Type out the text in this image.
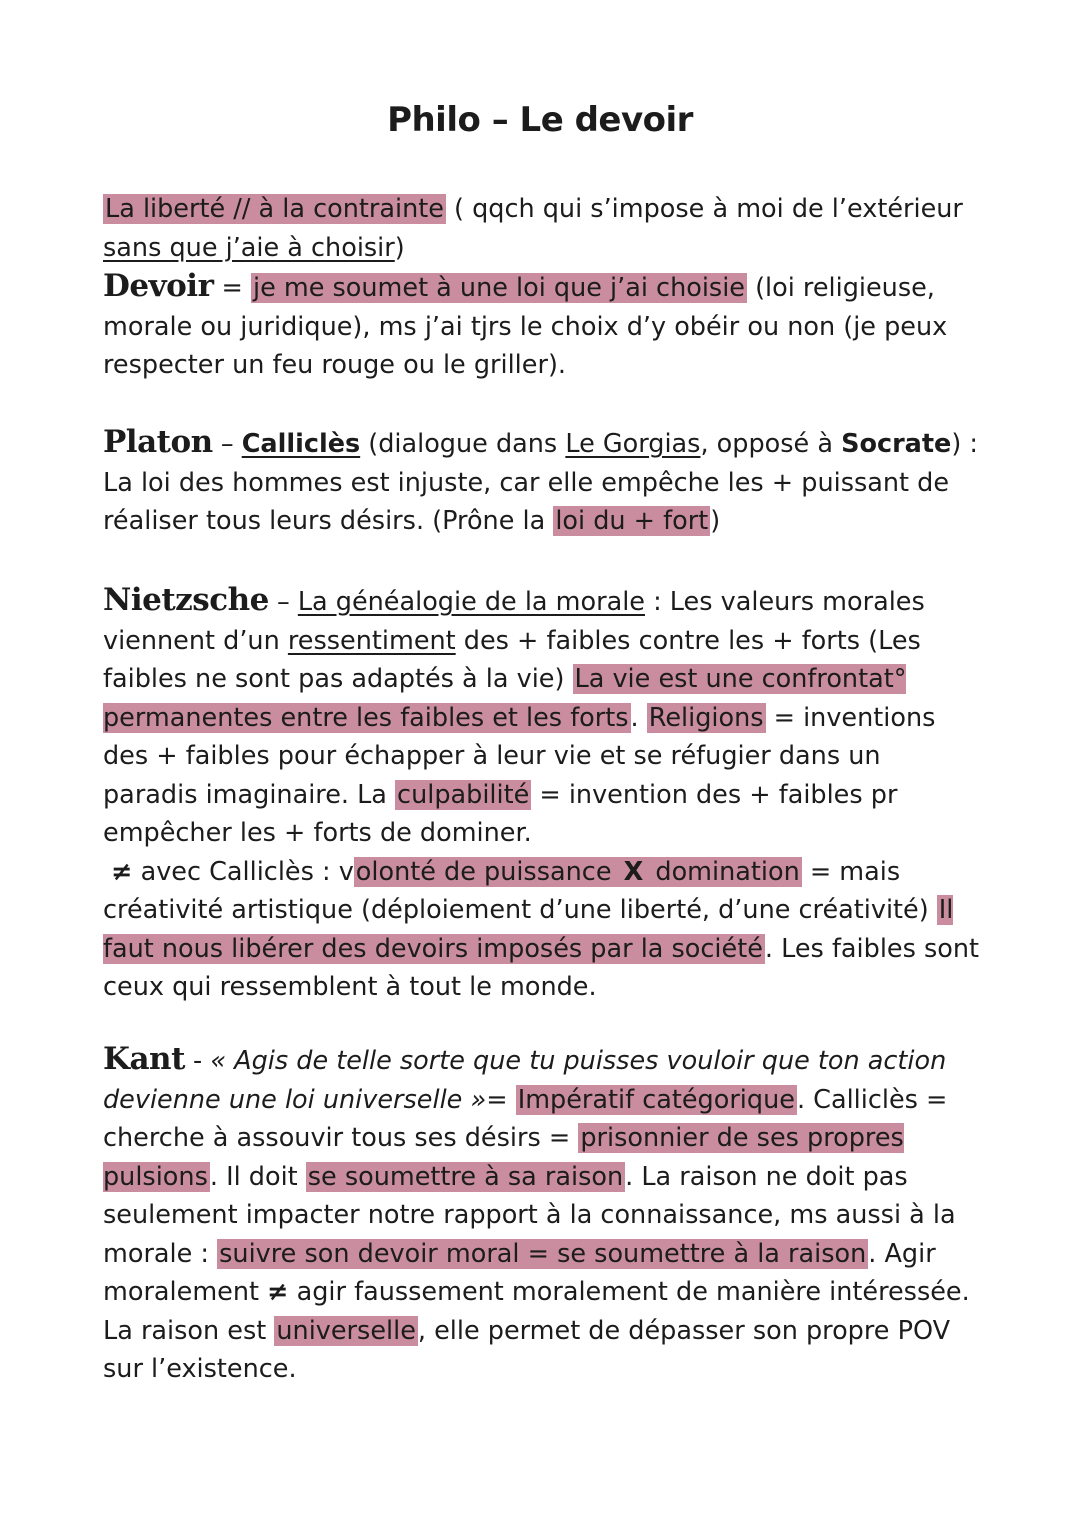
Philo – Le devoir
La liberté // à la contrainte ( qqch qui s’impose à moi de l’extérieur
sans que j’aie à choisir)
Devoir = je me soumet à une loi que j’ai choisie (loi religieuse, morale ou juridique), ms j’ai tjrs le choix d’y obéir ou non (je peux respecter un feu rouge ou le griller).
Platon – Calliclès (dialogue dans Le Gorgias, opposé à Socrate) : La loi des hommes est injuste, car elle empêche les + puissant de réaliser tous leurs désirs. (Prône la loi du + fort)
Nietzsche – La généalogie de la morale : Les valeurs morales viennent d’un ressentiment des + faibles contre les + forts (Les faibles ne sont pas adaptés à la vie) La vie est une confrontat° permanentes entre les faibles et les forts. Religions = inventions des + faibles pour échapper à leur vie et se réfugier dans un paradis imaginaire. La culpabilité = invention des + faibles pr empêcher les + forts de dominer.
≠ avec Calliclès : volonté de puissance X domination = mais créativité artistique (déploiement d’une liberté, d’une créativité) Il faut nous libérer des devoirs imposés par la société. Les faibles sont ceux qui ressemblent à tout le monde.
Kant - « Agis de telle sorte que tu puisses vouloir que ton action devienne une loi universelle »= Impératif catégorique. Calliclès = cherche à assouvir tous ses désirs = prisonnier de ses propres pulsions. Il doit se soumettre à sa raison. La raison ne doit pas seulement impacter notre rapport à la connaissance, ms aussi à la morale : suivre son devoir moral = se soumettre à la raison. Agir moralement ≠ agir faussement moralement de manière intéressée. La raison est universelle, elle permet de dépasser son propre POV sur l’existence.
